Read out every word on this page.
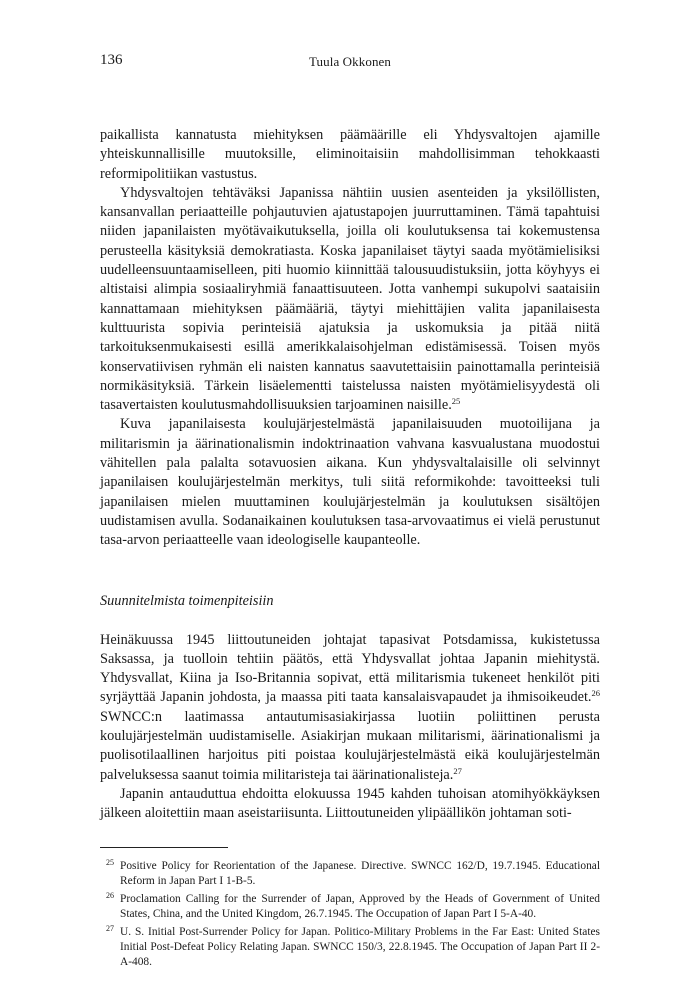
136	Tuula Okkonen

paikallista kannatusta miehityksen päämäärille eli Yhdysvaltojen ajamille yhteiskunnallisille muutoksille, eliminoitaisiin mahdollisimman tehokkaasti reformipolitiikan vastustus.

Yhdysvaltojen tehtäväksi Japanissa nähtiin uusien asenteiden ja yksilöllisten, kansanvallan periaatteille pohjautuvien ajatustapojen juurruttaminen. Tämä tapahtuisi niiden japanilaisten myötävaikutuksella, joilla oli koulutuksensa tai kokemustensa perusteella käsityksiä demokratiasta. Koska japanilaiset täytyi saada myötämielisiksi uudelleensuuntaamiselleen, piti huomio kiinnittää talousuudistuksiin, jotta köyhyys ei altistaisi alimpia sosiaaliryhmiä fanaattisuuteen. Jotta vanhempi sukupolvi saataisiin kannattamaan miehityksen päämääriä, täytyi miehittäjien valita japanilaisesta kulttuurista sopivia perinteisiä ajatuksia ja uskomuksia ja pitää niitä tarkoituksenmukaisesti esillä amerikkalaisohjelman edistämisessä. Toisen myös konservatiivisen ryhmän eli naisten kannatus saavutettaisiin painottamalla perinteisiä normikäsityksiä. Tärkein lisäelementti taistelussa naisten myötämielisyydestä oli tasavertaisten koulutusmahdollisuuksien tarjoaminen naisille.$^{25}$

Kuva japanilaisesta koulujärjestelmästä japanilaisuuden muotoilijana ja militarismin ja äärinationalismin indoktrinaation vahvana kasvualustana muodostui vähitellen pala palalta sotavuosien aikana. Kun yhdysvaltalaisille oli selvinnyt japanilaisen koulujärjestelmän merkitys, tuli siitä reformikohde: tavoitteeksi tuli japanilaisen mielen muuttaminen koulujärjestelmän ja koulutuksen sisältöjen uudistamisen avulla. Sodanaikainen koulutuksen tasa-arvovaatimus ei vielä perustunut tasa-arvon periaatteelle vaan ideologiselle kaupanteolle.

Suunnitelmista toimenpiteisiin

Heinäkuussa 1945 liittoutuneiden johtajat tapasivat Potsdamissa, kukistetussa Saksassa, ja tuolloin tehtiin päätös, että Yhdysvallat johtaa Japanin miehitystä. Yhdysvallat, Kiina ja Iso-Britannia sopivat, että militarismia tukeneet henkilöt piti syrjäyttää Japanin johdosta, ja maassa piti taata kansalaisvapaudet ja ihmisoikeudet.$^{26}$ SWNCC:n laatimassa antautumisasiakirjassa luotiin poliittinen perusta koulujärjestelmän uudistamiselle. Asiakirjan mukaan militarismi, äärinationalismi ja puolisotilaallinen harjoitus piti poistaa koulujärjestelmästä eikä koulujärjestelmän palveluksessa saanut toimia militaristeja tai äärinationalisteja.$^{27}$

Japanin antauduttua ehdoitta elokuussa 1945 kahden tuhoisan atomihyökkäyksen jälkeen aloitettiin maan aseistariisunta. Liittoutuneiden ylipäällikön johtaman soti-

25 Positive Policy for Reorientation of the Japanese. Directive. SWNCC 162/D, 19.7.1945. Educational Reform in Japan Part I 1-B-5.
26 Proclamation Calling for the Surrender of Japan, Approved by the Heads of Government of United States, China, and the United Kingdom, 26.7.1945. The Occupation of Japan Part I 5-A-40.
27 U. S. Initial Post-Surrender Policy for Japan. Politico-Military Problems in the Far East: United States Initial Post-Defeat Policy Relating Japan. SWNCC 150/3, 22.8.1945. The Occupation of Japan Part II 2-A-408.
